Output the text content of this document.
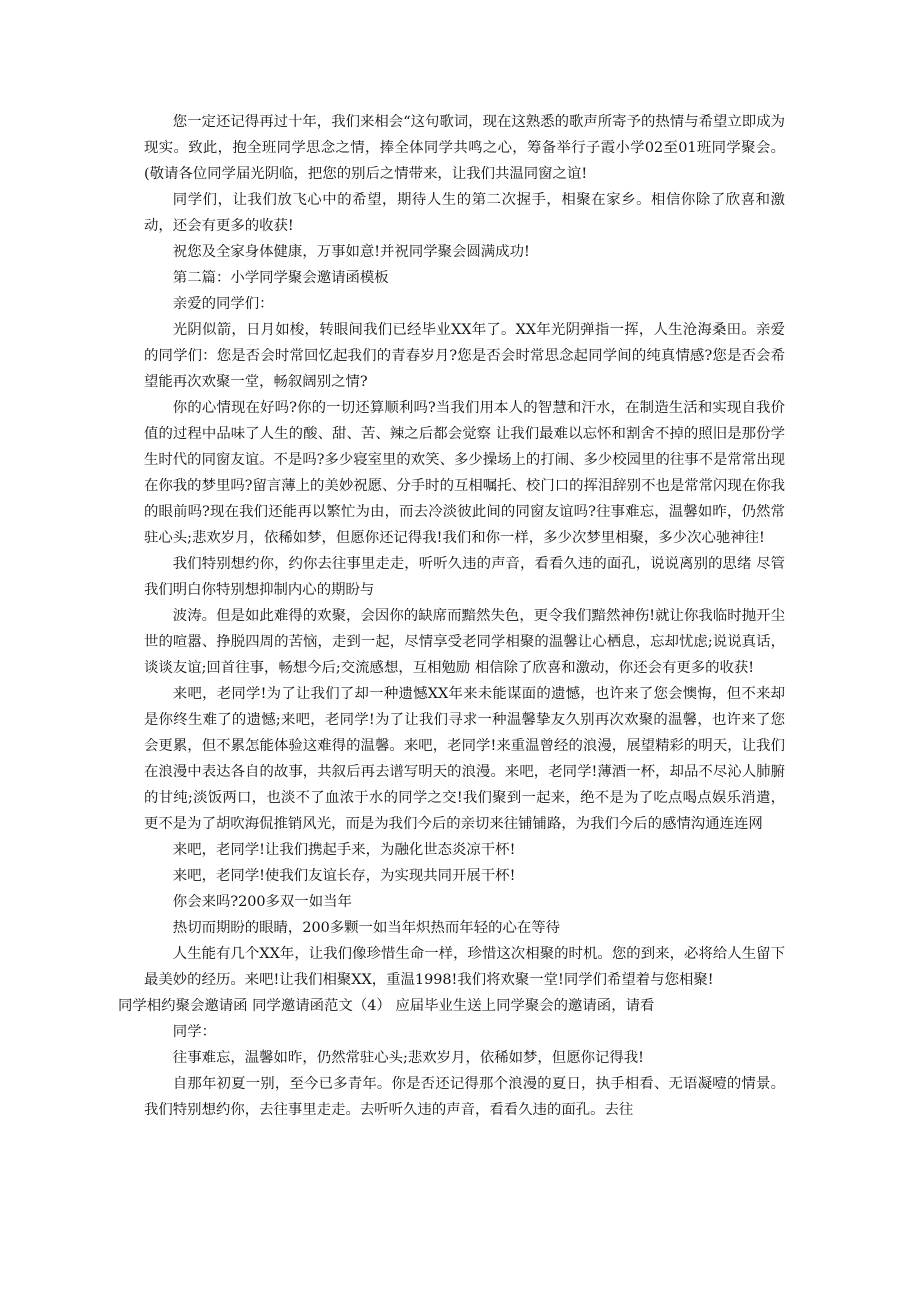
您一定还记得再过十年，我们来相会“这句歌词，现在这熟悉的歌声所寄予的热情与希望立即成为现实。致此，抱全班同学思念之情，捧全体同学共鸣之心，筹备举行子霞小学02至01班同学聚会。(敬请各位同学届光阴临，把您的别后之情带来，让我们共温同窗之谊!

同学们，让我们放飞心中的希望，期待人生的第二次握手，相聚在家乡。相信你除了欣喜和激动，还会有更多的收获!

祝您及全家身体健康，万事如意!并祝同学聚会圆满成功!

第二篇：小学同学聚会邀请函模板

亲爱的同学们：

光阴似箭，日月如梭，转眼间我们已经毕业XX年了。XX年光阴弹指一挥，人生沧海桑田。亲爱的同学们：您是否会时常回忆起我们的青春岁月?您是否会时常思念起同学间的纯真情感?您是否会希望能再次欢聚一堂，畅叙阔别之情?

你的心情现在好吗?你的一切还算顺利吗?当我们用本人的智慧和汗水，在制造生活和实现自我价值的过程中品味了人生的酸、甜、苦、辣之后都会觉察 让我们最难以忘怀和割舍不掉的照旧是那份学生时代的同窗友谊。不是吗?多少寝室里的欢笑、多少操场上的打闹、多少校园里的往事不是常常出现在你我的梦里吗?留言薄上的美妙祝愿、分手时的互相嘱托、校门口的挥泪辞别不也是常常闪现在你我的眼前吗?现在我们还能再以繁忙为由，而去冷淡彼此间的同窗友谊吗?往事难忘，温馨如昨，仍然常驻心头;悲欢岁月，依稀如梦，但愿你还记得我!我们和你一样，多少次梦里相聚，多少次心驰神往!

我们特别想约你，约你去往事里走走，听听久违的声音，看看久违的面孔，说说离别的思绪 尽管我们明白你特别想抑制内心的期盼与

波涛。但是如此难得的欢聚，会因你的缺席而黯然失色，更令我们黯然神伤!就让你我临时抛开尘世的喧嚣、挣脱四周的苦恼，走到一起，尽情享受老同学相聚的温馨让心栖息，忘却忧虑;说说真话，谈谈友谊;回首往事，畅想今后;交流感想，互相勉励 相信除了欣喜和激动，你还会有更多的收获!

来吧，老同学!为了让我们了却一种遗憾XX年来未能谋面的遗憾，也许来了您会懊悔，但不来却是你终生难了的遗憾;来吧，老同学!为了让我们寻求一种温馨挚友久别再次欢聚的温馨，也许来了您会更累，但不累怎能体验这难得的温馨。来吧，老同学!来重温曾经的浪漫，展望精彩的明天，让我们在浪漫中表达各自的故事，共叙后再去谱写明天的浪漫。来吧，老同学!薄酒一杯，却品不尽沁人肺腑的甘纯;淡饭两口，也淡不了血浓于水的同学之交!我们聚到一起来，绝不是为了吃点喝点娱乐消遣，更不是为了胡吹海侃推销风光，而是为我们今后的亲切来往铺铺路，为我们今后的感情沟通连连网

来吧，老同学!让我们携起手来，为融化世态炎凉干杯!

来吧，老同学!使我们友谊长存，为实现共同开展干杯!

你会来吗?200多双一如当年

热切而期盼的眼睛，200多颗一如当年炽热而年轻的心在等待

人生能有几个XX年，让我们像珍惜生命一样，珍惜这次相聚的时机。您的到来，必将给人生留下最美妙的经历。来吧!让我们相聚XX，重温1998!我们将欢聚一堂!同学们希望着与您相聚!

同学相约聚会邀请函 同学邀请函范文（4） 应届毕业生送上同学聚会的邀请函，请看

同学：

往事难忘，温馨如昨，仍然常驻心头;悲欢岁月，依稀如梦，但愿你记得我!

自那年初夏一别，至今已多青年。你是否还记得那个浪漫的夏日，执手相看、无语凝噎的情景。 我们特别想约你，去往事里走走。去听听久违的声音，看看久违的面孔。去往
